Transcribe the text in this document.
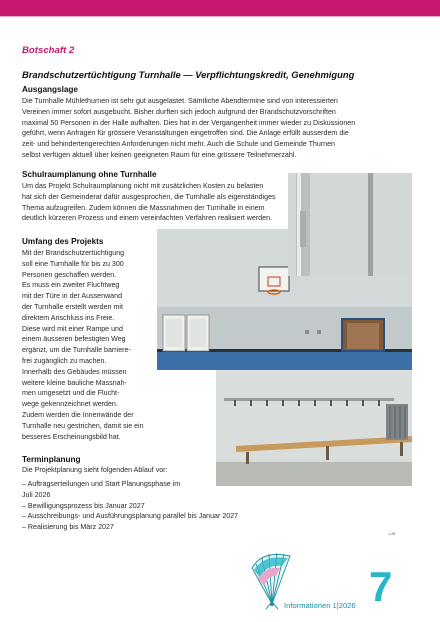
Botschaft 2
Brandschutzertüchtigung Turnhalle — Verpflichtungskredit, Genehmigung
Ausgangslage
Die Turnhalle Mühlethurnen ist sehr gut ausgelastet. Sämtliche Abendtermine sind von interessierten
Vereinen immer sofort ausgebucht. Bisher durften sich jedoch aufgrund der Brandschutzvorschriften
maximal 50 Personen in der Halle aufhalten. Dies hat in der Vergangenheit immer wieder zu Diskussionen
geführt, wenn Anfragen für grössere Veranstaltungen eingetroffen sind. Die Anlage erfüllt ausserdem die
zeit- und behindertengerechten Anforderungen nicht mehr. Auch die Schule und Gemeinde Thurnen
selbst verfügen aktuell über keinen geeigneten Raum für eine grössere Teilnehmerzahl.
Schulraumplanung ohne Turnhalle
Um das Projekt Schulraumplanung nicht mit zusätzlichen Kosten zu belasten
hat sich der Gemeinderat dafür ausgesprochen, die Turnhalle als eigenständiges
Thema aufzugreifen. Zudem können die Massnahmen der Turnhalle in einem
deutlich kürzeren Prozess und einem vereinfachten Verfahren realisiert werden.
Umfang des Projekts
Mit der Brandschutzertüchtigung
soll eine Turnhalle für bis zu 300
Personen geschaffen werden.
Es muss ein zweiter Fluchtweg
mit der Türe in der Aussenwand
der Turnhalle erstellt werden mit
direktem Anschluss ins Freie.
Diese wird mit einer Rampe und
einem äusseren befestigten Weg
ergänzt, um die Turnhalle barriere-
frei zugänglich zu machen.
Innerhalb des Gebäudes müssen
weitere kleine bauliche Massnah-
men umgesetzt und die Flucht-
wege gekennzeichnet werden.
Zudem werden die Innenwände der
Turnhalle neu gestrichen, damit sie ein
besseres Erscheinungsbild hat.
Terminplanung
Die Projektplanung sieht folgenden Ablauf vor:
– Auftragserteilungen und Start Planungsphase im
Juli 2026
– Bewilligungsprozess bis Januar 2027
– Ausschreibungs- und Ausführungsplanung parallel bis Januar 2027
– Realisierung bis März 2027
-LIB
Informationen 1|2026 7
